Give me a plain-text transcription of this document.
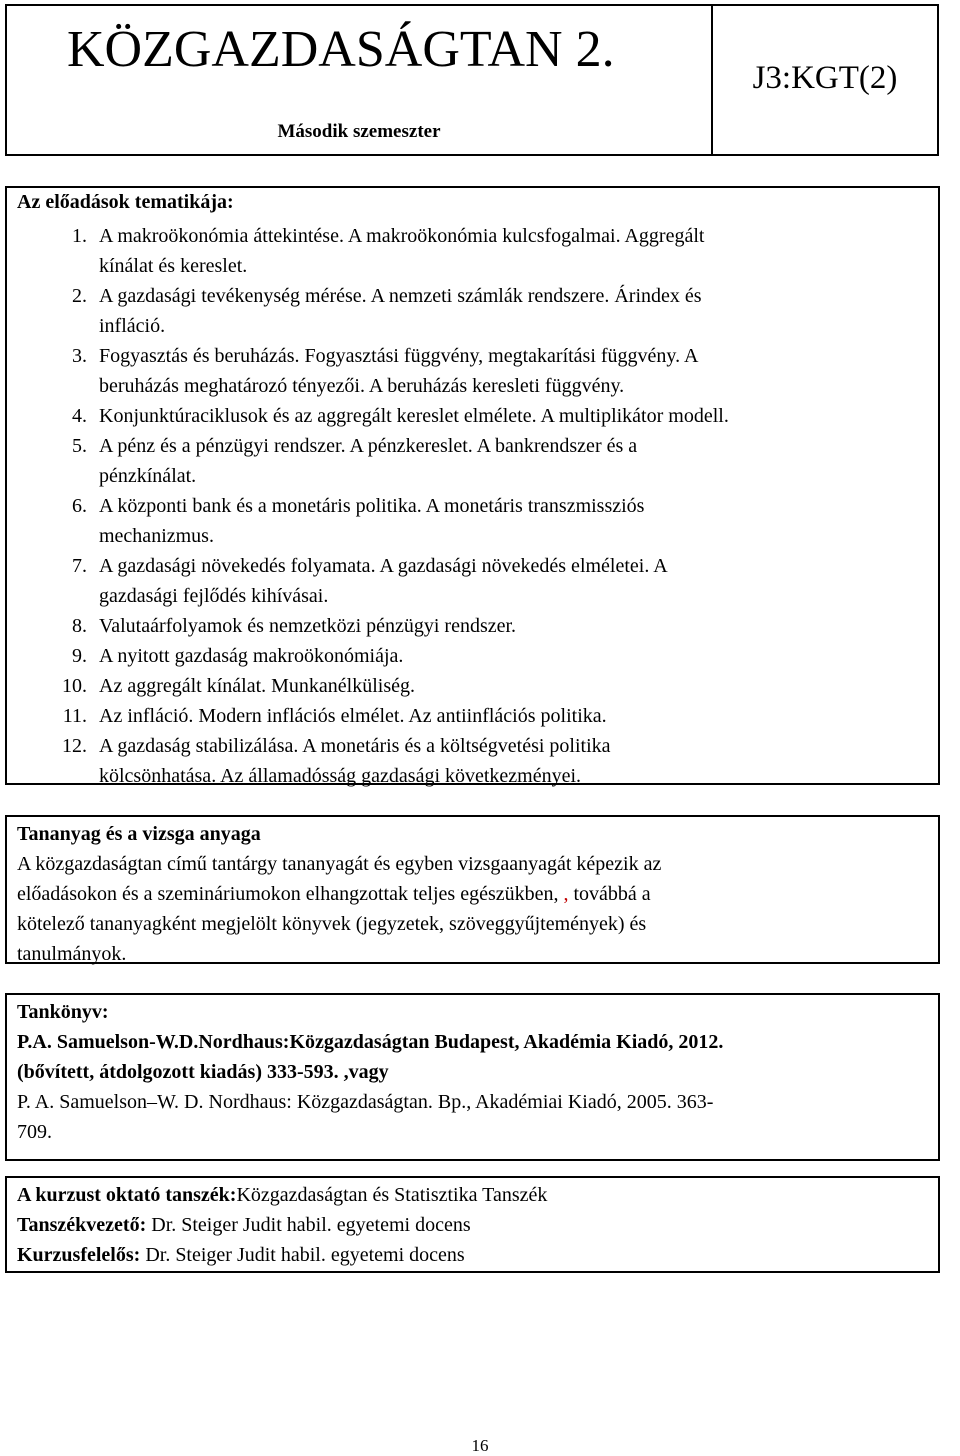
KÖZGAZDASÁGTAN 2.
Második szemeszter
J3:KGT(2)
Az előadások tematikája:
1. A makroökonómia áttekintése. A makroökonómia kulcsfogalmai. Aggregált
kínálat és kereslet.
2. A gazdasági tevékenység mérése. A nemzeti számlák rendszere. Árindex és
infláció.
3. Fogyasztás és beruházás. Fogyasztási függvény, megtakarítási függvény. A
beruházás meghatározó tényezői. A beruházás keresleti függvény.
4. Konjunktúraciklusok és az aggregált kereslet elmélete. A multiplikátor modell.
5. A pénz és a pénzügyi rendszer. A pénzkereslet. A bankrendszer és a
pénzkínálat.
6. A központi bank és a monetáris politika. A monetáris transzmissziós
mechanizmus.
7. A gazdasági növekedés folyamata. A gazdasági növekedés elméletei. A
gazdasági fejlődés kihívásai.
8. Valutaárfolyamok és nemzetközi pénzügyi rendszer.
9. A nyitott gazdaság makroökonómiája.
10. Az aggregált kínálat. Munkanélküliség.
11. Az infláció. Modern inflációs elmélet. Az antiinflációs politika.
12. A gazdaság stabilizálása. A monetáris és a költségvetési politika
kölcsönhatása. Az államadósság gazdasági következményei.
Tananyag és a vizsga anyaga
A közgazdaságtan című tantárgy tananyagát és egyben vizsgaanyagát képezik az
előadásokon és a szemináriumokon elhangzottak teljes egészükben, , továbbá a
kötelező tananyagként megjelölt könyvek (jegyzetek, szöveggyűjtemények) és
tanulmányok.
Tankönyv:
P.A. Samuelson-W.D.Nordhaus:Közgazdaságtan Budapest, Akadémia Kiadó, 2012.
(bővített, átdolgozott kiadás) 333-593. ,vagy
P. A. Samuelson–W. D. Nordhaus: Közgazdaságtan. Bp., Akadémiai Kiadó, 2005. 363-
709.
A kurzust oktató tanszék:Közgazdaságtan és Statisztika Tanszék
Tanszékvezető: Dr. Steiger Judit habil. egyetemi docens
Kurzusfelelős: Dr. Steiger Judit habil. egyetemi docens
16
